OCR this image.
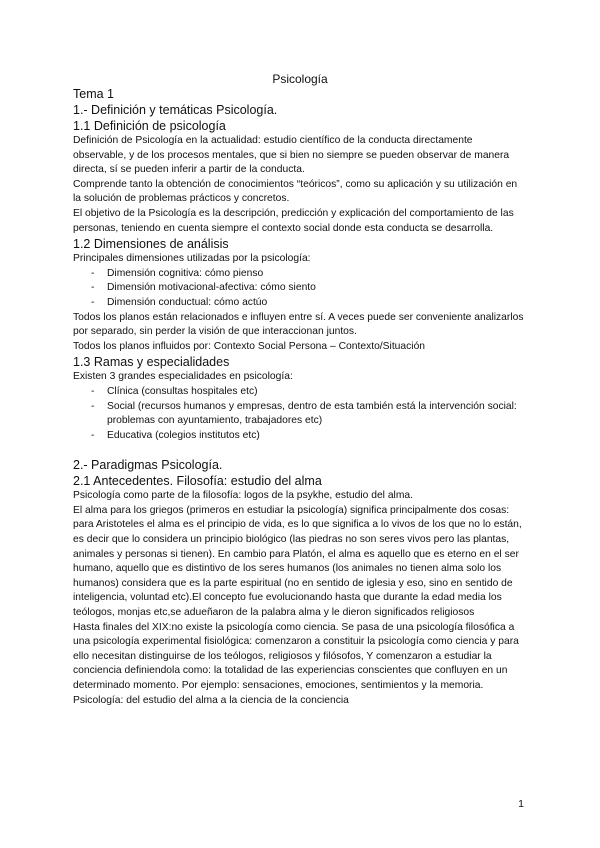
Psicología
Tema 1
1.- Definición y temáticas Psicología.
1.1 Definición de psicología

Definición de Psicología en la actualidad: estudio científico de la conducta directamente observable, y de los procesos mentales, que si bien no siempre se pueden observar de manera directa, sí se pueden inferir a partir de la conducta.

Comprende tanto la obtención de conocimientos “teóricos”, como su aplicación y su utilización en la solución de problemas prácticos y concretos.

El objetivo de la Psicología es la descripción, predicción y explicación del comportamiento de las personas, teniendo en cuenta siempre el contexto social donde esta conducta se desarrolla.

1.2 Dimensiones de análisis

Principales dimensiones utilizadas por la psicología:

- Dimensión cognitiva: cómo pienso
- Dimensión motivacional-afectiva: cómo siento
- Dimensión conductual: cómo actúo

Todos los planos están relacionados e influyen entre sí. A veces puede ser conveniente analizarlos por separado, sin perder la visión de que interaccionan juntos.

Todos los planos influidos por: Contexto Social Persona – Contexto/Situación

1.3 Ramas y especialidades

Existen 3 grandes especialidades en psicología:

- Clínica (consultas hospitales etc)
- Social (recursos humanos y empresas, dentro de esta también está la intervención social: problemas con ayuntamiento, trabajadores etc)
- Educativa (colegios institutos etc)
2.- Paradigmas Psicología.
2.1 Antecedentes. Filosofía: estudio del alma

Psicología como parte de la filosofía: logos de la psykhe, estudio del alma.

El alma para los griegos (primeros en estudiar la psicología) significa principalmente dos cosas: para Aristoteles el alma es el principio de vida, es lo que significa a lo vivos de los que no lo están, es decir que lo considera un principio biológico (las piedras no son seres vivos pero las plantas, animales y personas si tienen). En cambio para Platón, el alma es aquello que es eterno en el ser humano, aquello que es distintivo de los seres humanos (los animales no tienen alma solo los humanos) considera que es la parte espiritual (no en sentido de iglesia y eso, sino en sentido de inteligencia, voluntad etc).El concepto fue evolucionando hasta que durante la edad media los teólogos, monjas etc,se adueñaron de la palabra alma y le dieron significados religiosos

Hasta finales del XIX:no existe la psicología como ciencia. Se pasa de una psicología filosófica a una psicología experimental fisiológica: comenzaron a constituir la psicología como ciencia y para ello necesitan distinguirse de los teólogos, religiosos y filósofos, Y comenzaron a estudiar la conciencia definiendola como: la totalidad de las experiencias conscientes que confluyen en un determinado momento. Por ejemplo: sensaciones, emociones, sentimientos y la memoria.

Psicología: del estudio del alma a la ciencia de la conciencia

1
